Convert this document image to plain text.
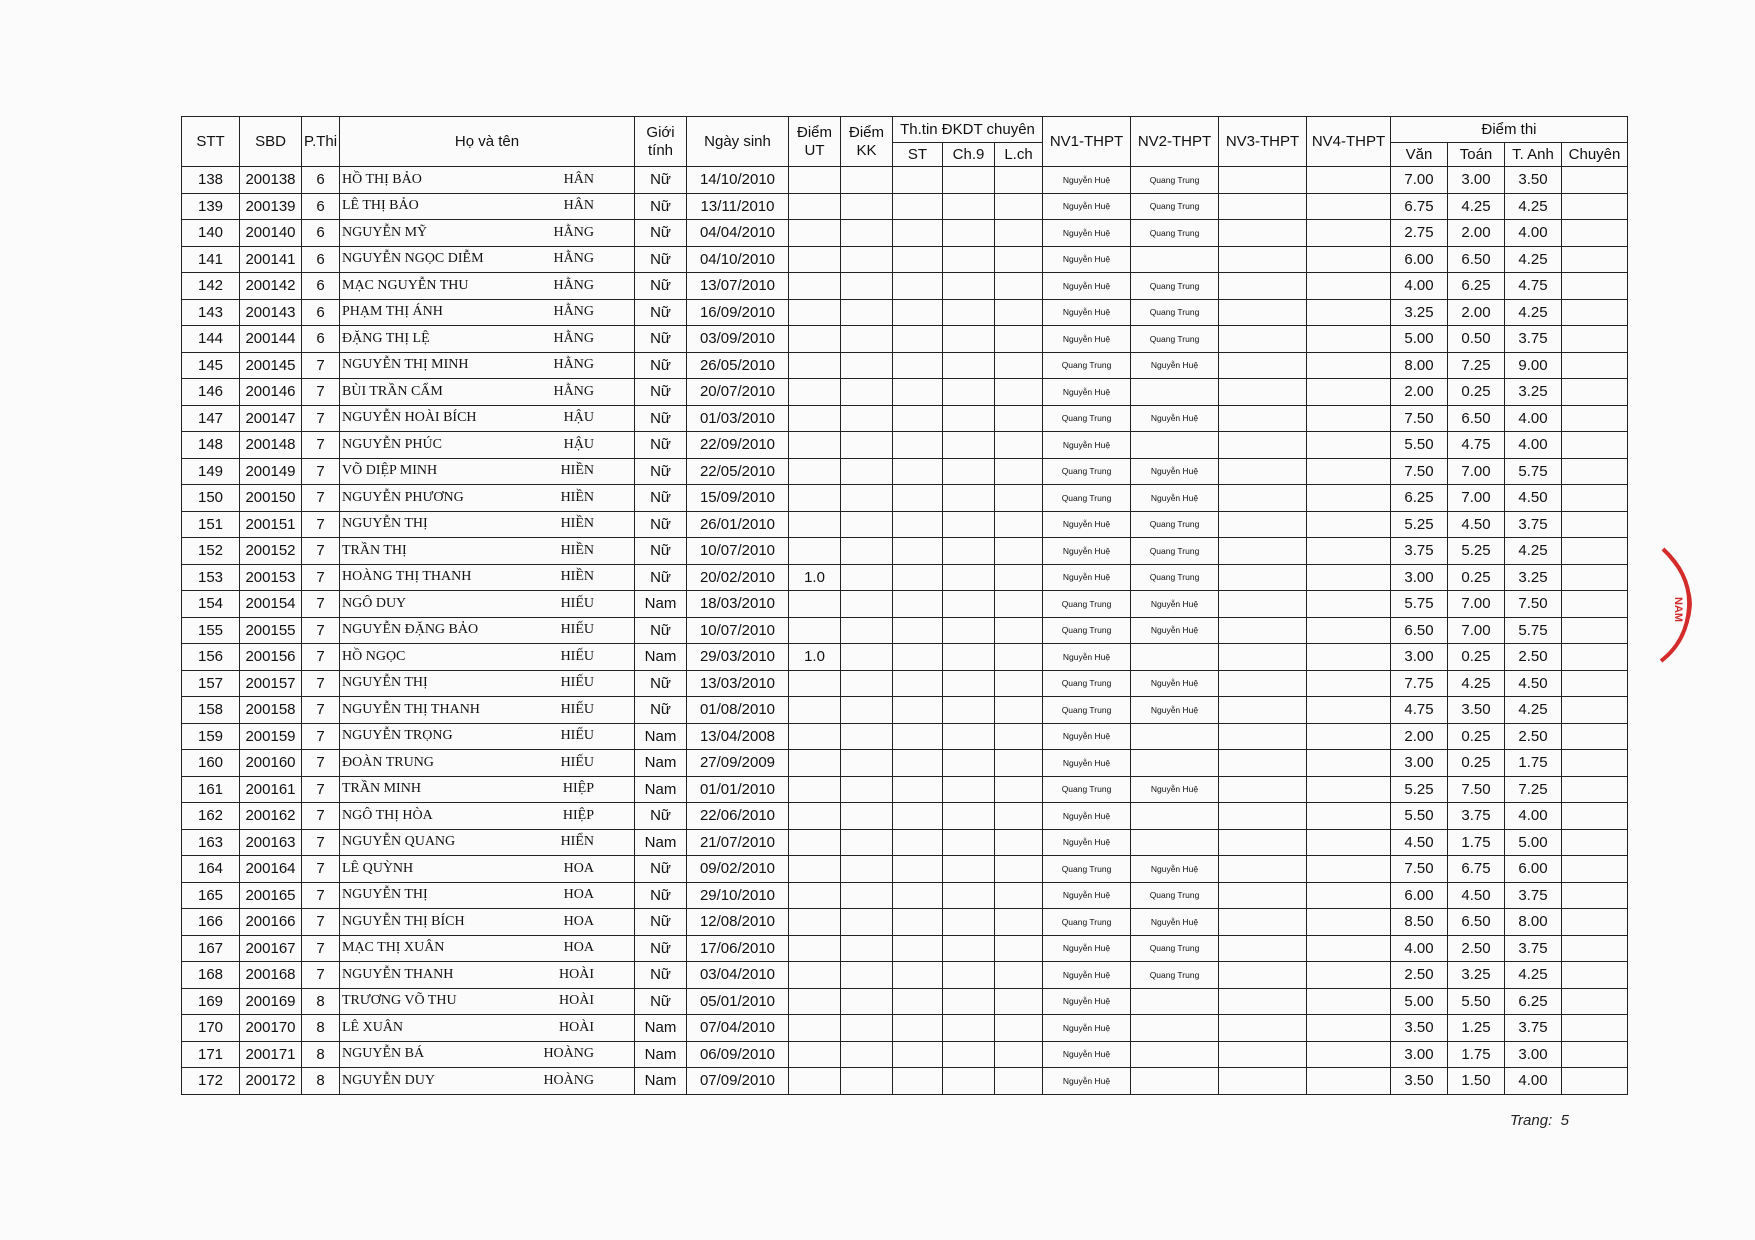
STT	SBD	P.Thi	Họ và tên	Giới tính	Ngày sinh	Điểm UT	Điểm KK	Th.tin ĐKDT chuyên			NV1-THPT	NV2-THPT	NV3-THPT	NV4-THPT	Điểm thi			
								ST	Ch.9	L.ch					Văn	Toán	T. Anh	Chuyên
138	200138	6	HỒ THỊ BẢO HÂN	Nữ	14/10/2010						Nguyễn Huệ	Quang Trung			7.00	3.00	3.50	
139	200139	6	LÊ THỊ BẢO HÂN	Nữ	13/11/2010						Nguyễn Huệ	Quang Trung			6.75	4.25	4.25	
140	200140	6	NGUYỄN MỸ HẰNG	Nữ	04/04/2010						Nguyễn Huệ	Quang Trung			2.75	2.00	4.00	
141	200141	6	NGUYỄN NGỌC DIỄM HẰNG	Nữ	04/10/2010						Nguyễn Huệ				6.00	6.50	4.25	
142	200142	6	MẠC NGUYỄN THU HẰNG	Nữ	13/07/2010						Nguyễn Huệ	Quang Trung			4.00	6.25	4.75	
143	200143	6	PHẠM THỊ ÁNH HẰNG	Nữ	16/09/2010						Nguyễn Huệ	Quang Trung			3.25	2.00	4.25	
144	200144	6	ĐẶNG THỊ LỆ HẰNG	Nữ	03/09/2010						Nguyễn Huệ	Quang Trung			5.00	0.50	3.75	
145	200145	7	NGUYỄN THỊ MINH HẰNG	Nữ	26/05/2010						Quang Trung	Nguyễn Huệ			8.00	7.25	9.00	
146	200146	7	BÙI TRẦN CẨM HẰNG	Nữ	20/07/2010						Nguyễn Huệ				2.00	0.25	3.25	
147	200147	7	NGUYỄN HOÀI BÍCH HẬU	Nữ	01/03/2010						Quang Trung	Nguyễn Huệ			7.50	6.50	4.00	
148	200148	7	NGUYỄN PHÚC HẬU	Nữ	22/09/2010						Nguyễn Huệ				5.50	4.75	4.00	
149	200149	7	VÕ DIỆP MINH HIỀN	Nữ	22/05/2010						Quang Trung	Nguyễn Huệ			7.50	7.00	5.75	
150	200150	7	NGUYỄN PHƯƠNG HIỀN	Nữ	15/09/2010						Quang Trung	Nguyễn Huệ			6.25	7.00	4.50	
151	200151	7	NGUYỄN THỊ HIỀN	Nữ	26/01/2010						Nguyễn Huệ	Quang Trung			5.25	4.50	3.75	
152	200152	7	TRẦN THỊ HIỀN	Nữ	10/07/2010						Nguyễn Huệ	Quang Trung			3.75	5.25	4.25	
153	200153	7	HOÀNG THỊ THANH HIỀN	Nữ	20/02/2010	1.0					Nguyễn Huệ	Quang Trung			3.00	0.25	3.25	
154	200154	7	NGÔ DUY HIẾU	Nam	18/03/2010						Quang Trung	Nguyễn Huệ			5.75	7.00	7.50	
155	200155	7	NGUYỄN ĐẶNG BẢO HIẾU	Nữ	10/07/2010						Quang Trung	Nguyễn Huệ			6.50	7.00	5.75	
156	200156	7	HỒ NGỌC HIẾU	Nam	29/03/2010	1.0					Nguyễn Huệ				3.00	0.25	2.50	
157	200157	7	NGUYỄN THỊ HIẾU	Nữ	13/03/2010						Quang Trung	Nguyễn Huệ			7.75	4.25	4.50	
158	200158	7	NGUYỄN THỊ THANH HIẾU	Nữ	01/08/2010						Quang Trung	Nguyễn Huệ			4.75	3.50	4.25	
159	200159	7	NGUYỄN TRỌNG HIẾU	Nam	13/04/2008						Nguyễn Huệ				2.00	0.25	2.50	
160	200160	7	ĐOÀN TRUNG HIẾU	Nam	27/09/2009						Nguyễn Huệ				3.00	0.25	1.75	
161	200161	7	TRẦN MINH HIỆP	Nam	01/01/2010						Quang Trung	Nguyễn Huệ			5.25	7.50	7.25	
162	200162	7	NGÔ THỊ HÒA HIỆP	Nữ	22/06/2010						Nguyễn Huệ				5.50	3.75	4.00	
163	200163	7	NGUYỄN QUANG HIỂN	Nam	21/07/2010						Nguyễn Huệ				4.50	1.75	5.00	
164	200164	7	LÊ QUỲNH HOA	Nữ	09/02/2010						Quang Trung	Nguyễn Huệ			7.50	6.75	6.00	
165	200165	7	NGUYỄN THỊ HOA	Nữ	29/10/2010						Nguyễn Huệ	Quang Trung			6.00	4.50	3.75	
166	200166	7	NGUYỄN THỊ BÍCH HOA	Nữ	12/08/2010						Quang Trung	Nguyễn Huệ			8.50	6.50	8.00	
167	200167	7	MẠC THỊ XUÂN HOA	Nữ	17/06/2010						Nguyễn Huệ	Quang Trung			4.00	2.50	3.75	
168	200168	7	NGUYỄN THANH HOÀI	Nữ	03/04/2010						Nguyễn Huệ	Quang Trung			2.50	3.25	4.25	
169	200169	8	TRƯƠNG VÕ THU HOÀI	Nữ	05/01/2010						Nguyễn Huệ				5.00	5.50	6.25	
170	200170	8	LÊ XUÂN HOÀI	Nam	07/04/2010						Nguyễn Huệ				3.50	1.25	3.75	
171	200171	8	NGUYỄN BÁ HOÀNG	Nam	06/09/2010						Nguyễn Huệ				3.00	1.75	3.00	
172	200172	8	NGUYỄN DUY HOÀNG	Nam	07/09/2010						Nguyễn Huệ				3.50	1.50	4.00	
Trang: 5
NAM
